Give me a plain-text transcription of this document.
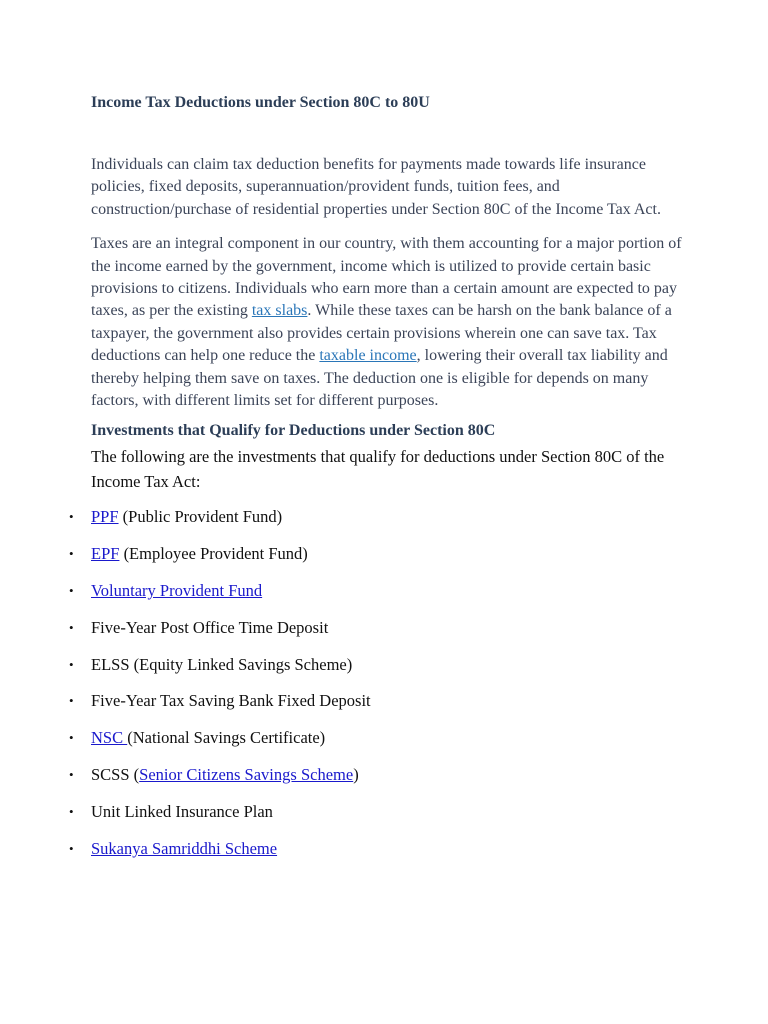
Income Tax Deductions under Section 80C to 80U

Individuals can claim tax deduction benefits for payments made towards life insurance policies, fixed deposits, superannuation/provident funds, tuition fees, and construction/purchase of residential properties under Section 80C of the Income Tax Act.

Taxes are an integral component in our country, with them accounting for a major portion of the income earned by the government, income which is utilized to provide certain basic provisions to citizens. Individuals who earn more than a certain amount are expected to pay taxes, as per the existing tax slabs. While these taxes can be harsh on the bank balance of a taxpayer, the government also provides certain provisions wherein one can save tax. Tax deductions can help one reduce the taxable income, lowering their overall tax liability and thereby helping them save on taxes. The deduction one is eligible for depends on many factors, with different limits set for different purposes.

Investments that Qualify for Deductions under Section 80C

The following are the investments that qualify for deductions under Section 80C of the Income Tax Act:

• PPF (Public Provident Fund)
• EPF (Employee Provident Fund)
• Voluntary Provident Fund
• Five-Year Post Office Time Deposit
• ELSS (Equity Linked Savings Scheme)
• Five-Year Tax Saving Bank Fixed Deposit
• NSC (National Savings Certificate)
• SCSS (Senior Citizens Savings Scheme)
• Unit Linked Insurance Plan
• Sukanya Samriddhi Scheme
